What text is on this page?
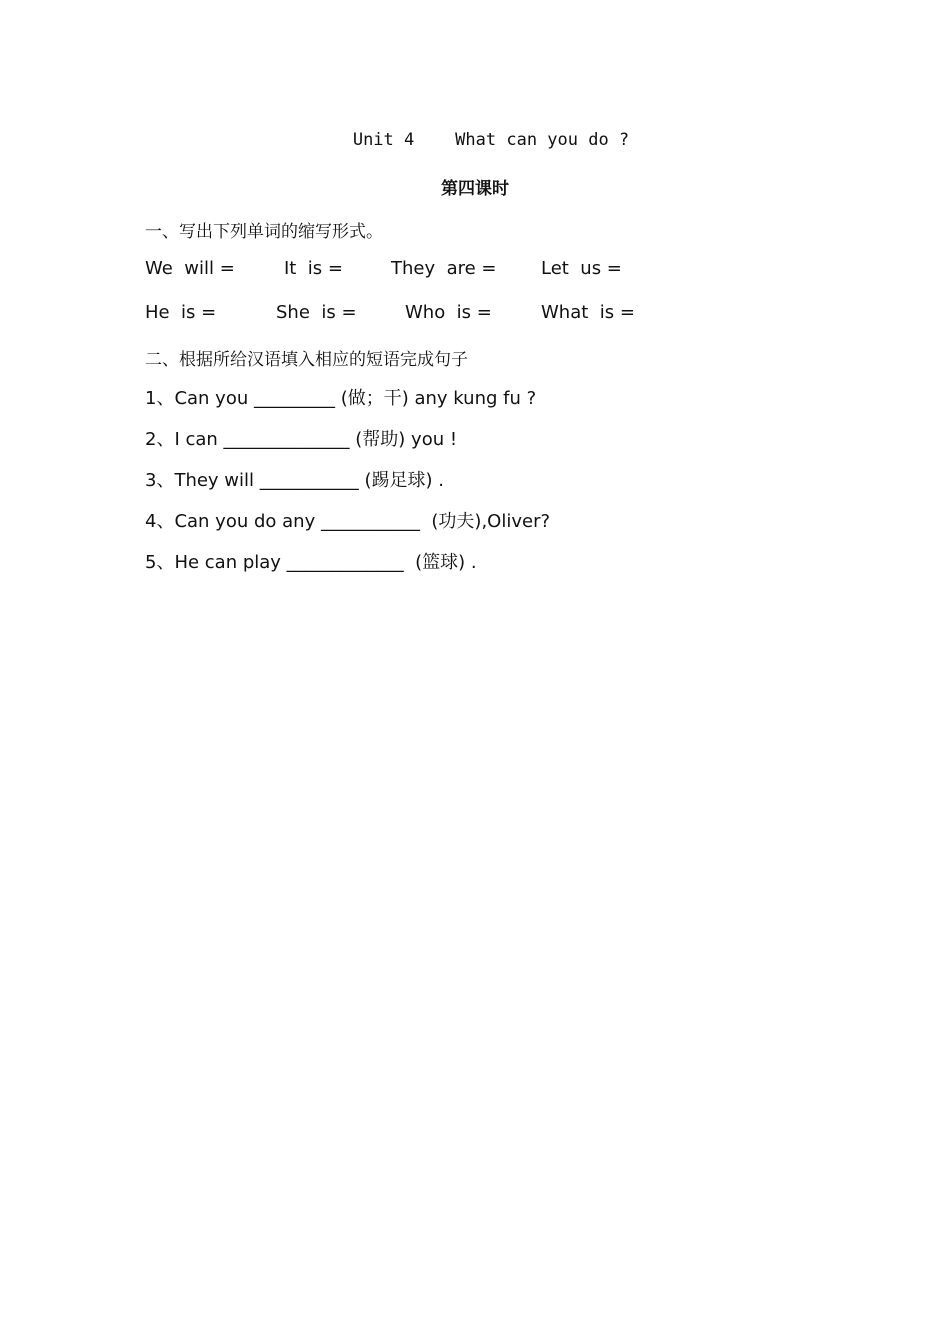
Unit 4    What can you do ?
第四课时
一、写出下列单词的缩写形式。
We  will =	It  is =	They  are = Let  us =
He  is =	She  is =	Who  is =	What  is =
二、根据所给汉语填入相应的短语完成句子
1、Can you _________ (做；干) any kung fu ?
2、I can ______________ (帮助) you !
3、They will ___________ (踢足球) .
4、Can you do any ___________  (功夫),Oliver?
5、He can play _____________  (篮球) .
